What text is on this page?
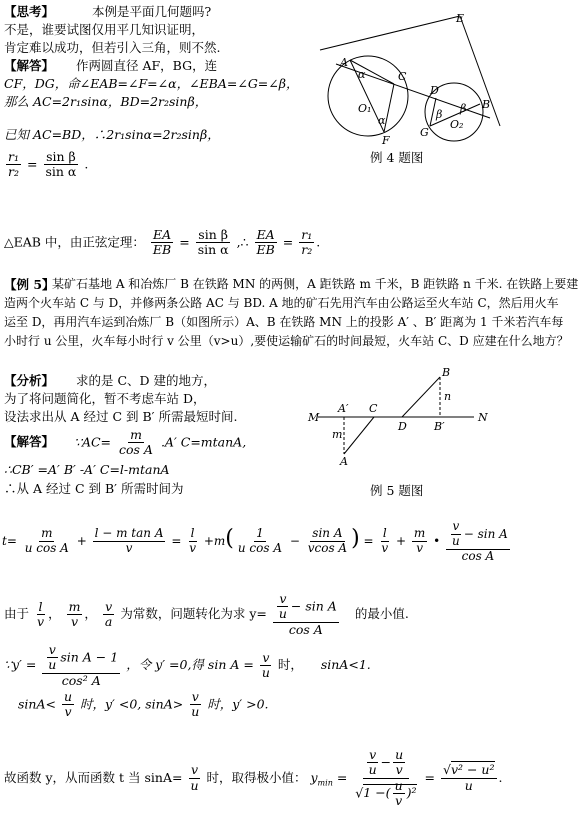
【思考】	本例是平面几何题吗?
不是，谁要试图仅用平几知识证明，
肯定难以成功，但若引入三角，则不然.
【解答】 作两圆直径 AF，BG，连
CF，DG，命∠EAB=∠F=∠α，∠EBA=∠G=∠β，
那么 AC=2r₁sinα，BD=2r₂sinβ，
已知 AC=BD，∴2r₁sinα=2r₂sinβ，
$\frac{\text{r₁}}{\text{r₂}} = \frac{\text{sin β}}{\text{sin α}}$ .
△EAB 中，由正弦定理： $\frac{EA}{EB} = \frac{\text{sin β}}{\text{sin α}}$ ,∴ $\frac{EA}{EB} = \frac{\text{r₁}}{\text{r₂}}$ .
E
A
C
D
B
F
G
O₁
O₂
α
α
β
β
例 4 题图
【例 5】
某矿石基地 A 和冶炼厂 B 在铁路 MN 的两侧，A 距铁路 m 千米，B 距铁路 n 千米. 在铁路上要建
造两个火车站 C 与 D，并修两条公路 AC 与 BD. A 地的矿石先用汽车由公路运至火车站 C，然后用火车
运至 D，再用汽车运到冶炼厂 B（如图所示）A、B 在铁路 MN 上的投影 A′ 、B′ 距离为 1 千米若汽车每
小时行 u 公里，火车每小时行 v 公里（v>u）,要使运输矿石的时间最短，火车站 C、D 应建在什么地方？
【分析】 求的是 C、D 建的地方，
为了将问题简化，暂不考虑车站 D，
设法求出从 A 经过 C 到 B′ 所需最短时间.
【解答】 ∵AC= $\frac{m}{\text{cos A}} .A'$ C=mtanA,
∴CB′ =A′ B′ -A′ C=l-mtanA
∴从 A 经过 C 到 B′ 所需时间为
M	N
A′ C
D B′
B
A
m
n
例 5 题图
$t= \frac{m}{\text{u cos A}} + \frac{\text{l − m tan A}}{v} = \frac{l}{v} +m( \frac{1}{\text{u cos A}} - \frac{\text{sin A}}{\text{vcos A}}$ ) = $\frac{l}{v} + \frac{m}{v}$ • $\frac{\frac{v}{u} - \sin A}{\text{cos A}}$
由于 $\frac{l}{v}$ ， $\frac{m}{v}$ ， $\frac{v}{a}$ 为常数，问题转化为求 $y= \frac{\frac{v}{u} - \sin A}{\text{cos A}}$ 的最小值.
∵y′ = $\frac{\frac{v}{u} \sin A - 1}{\text{cos² A}}$ ，令 y′ =0,得 $\sin A = \frac{v}{u}$ 时， sinA<1.
$\sin A< \frac{u}{v}$ 时，y′ <0, $\sin A> \frac{v}{u}$ 时，y′ >0.
故函数 y，从而函数 t 当 $\sin A= \frac{v}{u}$ 时，取得极小值： $y_{min} = \frac{\frac{v}{u} - \frac{u}{v}}{√1 -( \frac{u}{v} )^2} = \frac{\text{√v² − u²}}{u}$ .
